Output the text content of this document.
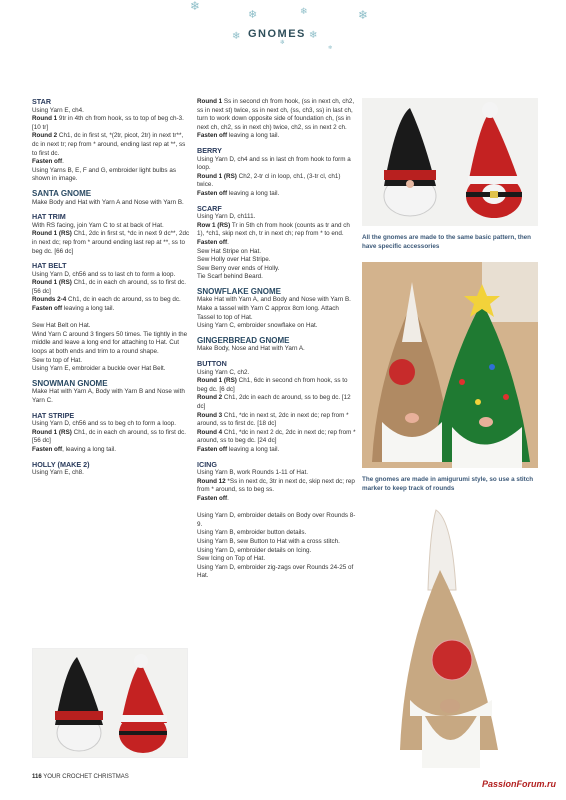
❄
❄
❄	❄
❄
❄
❄
❄
GNOMES

STAR

Using Yarn E, ch4.

Round 1 9tr in 4th ch from hook, ss to top of beg ch-3. [10 tr]

Round 2 Ch1, dc in first st, *(2tr, picot, 2tr) in next tr**, dc in next tr; rep from * around, ending last rep at **, ss to first dc.

Fasten off.

Using Yarns B, E, F and G, embroider light bulbs as shown in image.

SANTA GNOME

Make Body and Hat with Yarn A and Nose with Yarn B.

HAT TRIM

With RS facing, join Yarn C to st at back of Hat.

Round 1 (RS) Ch1, 2dc in first st, *dc in next 9 dc**, 2dc in next dc; rep from * around ending last rep at **, ss to beg dc. [66 dc]

HAT BELT

Using Yarn D, ch56 and ss to last ch to form a loop.

Round 1 (RS) Ch1, dc in each ch around, ss to first dc. [56 dc]

Rounds 2-4 Ch1, dc in each dc around, ss to beg dc.

Fasten off leaving a long tail.

Sew Hat Belt on Hat.

Wind Yarn C around 3 fingers 50 times. Tie tightly in the middle and leave a long end for attaching to Hat. Cut loops at both ends and trim to a round shape.

Sew to top of Hat.

Using Yarn E, embroider a buckle over Hat Belt.

SNOWMAN GNOME

Make Hat with Yarn A, Body with Yarn B and Nose with Yarn C.

HAT STRIPE

Using Yarn D, ch56 and ss to beg ch to form a loop.

Round 1 (RS) Ch1, dc in each ch around, ss to first dc. [56 dc]

Fasten off, leaving a long tail.

HOLLY (MAKE 2)

Using Yarn E, ch8.

Round 1 Ss in second ch from hook, (ss in next ch, ch2, ss in next st) twice, ss in next ch, (ss, ch3, ss) in last ch, turn to work down opposite side of foundation ch, (ss in next ch, ch2, ss in next ch) twice, ch2, ss in next 2 ch.

Fasten off leaving a long tail.

BERRY

Using Yarn D, ch4 and ss in last ch from hook to form a loop.

Round 1 (RS) Ch2, 2-tr cl in loop, ch1, (3-tr cl, ch1) twice.

Fasten off leaving a long tail.

SCARF

Using Yarn D, ch111.

Row 1 (RS) Tr in 5th ch from hook (counts as tr and ch 1), *ch1, skip next ch, tr in next ch; rep from * to end.

Fasten off.

Sew Hat Stripe on Hat.

Sew Holly over Hat Stripe.

Sew Berry over ends of Holly.

Tie Scarf behind Beard.

SNOWFLAKE GNOME

Make Hat with Yarn A, and Body and Nose with Yarn B.

Make a tassel with Yarn C approx 8cm long. Attach Tassel to top of Hat.

Using Yarn C, embroider snowflake on Hat.

GINGERBREAD GNOME

Make Body, Nose and Hat with Yarn A.

BUTTON

Using Yarn C, ch2.

Round 1 (RS) Ch1, 6dc in second ch from hook, ss to beg dc. [6 dc]

Round 2 Ch1, 2dc in each dc around, ss to beg dc. [12 dc]

Round 3 Ch1, *dc in next st, 2dc in next dc; rep from * around, ss to first dc. [18 dc]

Round 4 Ch1, *dc in next 2 dc, 2dc in next dc; rep from * around, ss to beg dc. [24 dc]

Fasten off leaving a long tail.

ICING

Using Yarn B, work Rounds 1-11 of Hat.

Round 12 *Ss in next dc, 3tr in next dc, skip next dc; rep from * around, ss to beg ss.

Fasten off.

Using Yarn D, embroider details on Body over Rounds 8-9.

Using Yarn B, embroider button details.

Using Yarn B, sew Button to Hat with a cross stitch.

Using Yarn D, embroider details on Icing.

Sew Icing on Top of Hat.

Using Yarn D, embroider zig-zags over Rounds 24-25 of Hat.

All the gnomes are made to the same basic pattern, then have specific accessories
The gnomes are made in amigurumi style, so use a stitch marker to keep track of rounds
116 YOUR CROCHET CHRISTMAS
PassionForum.ru
